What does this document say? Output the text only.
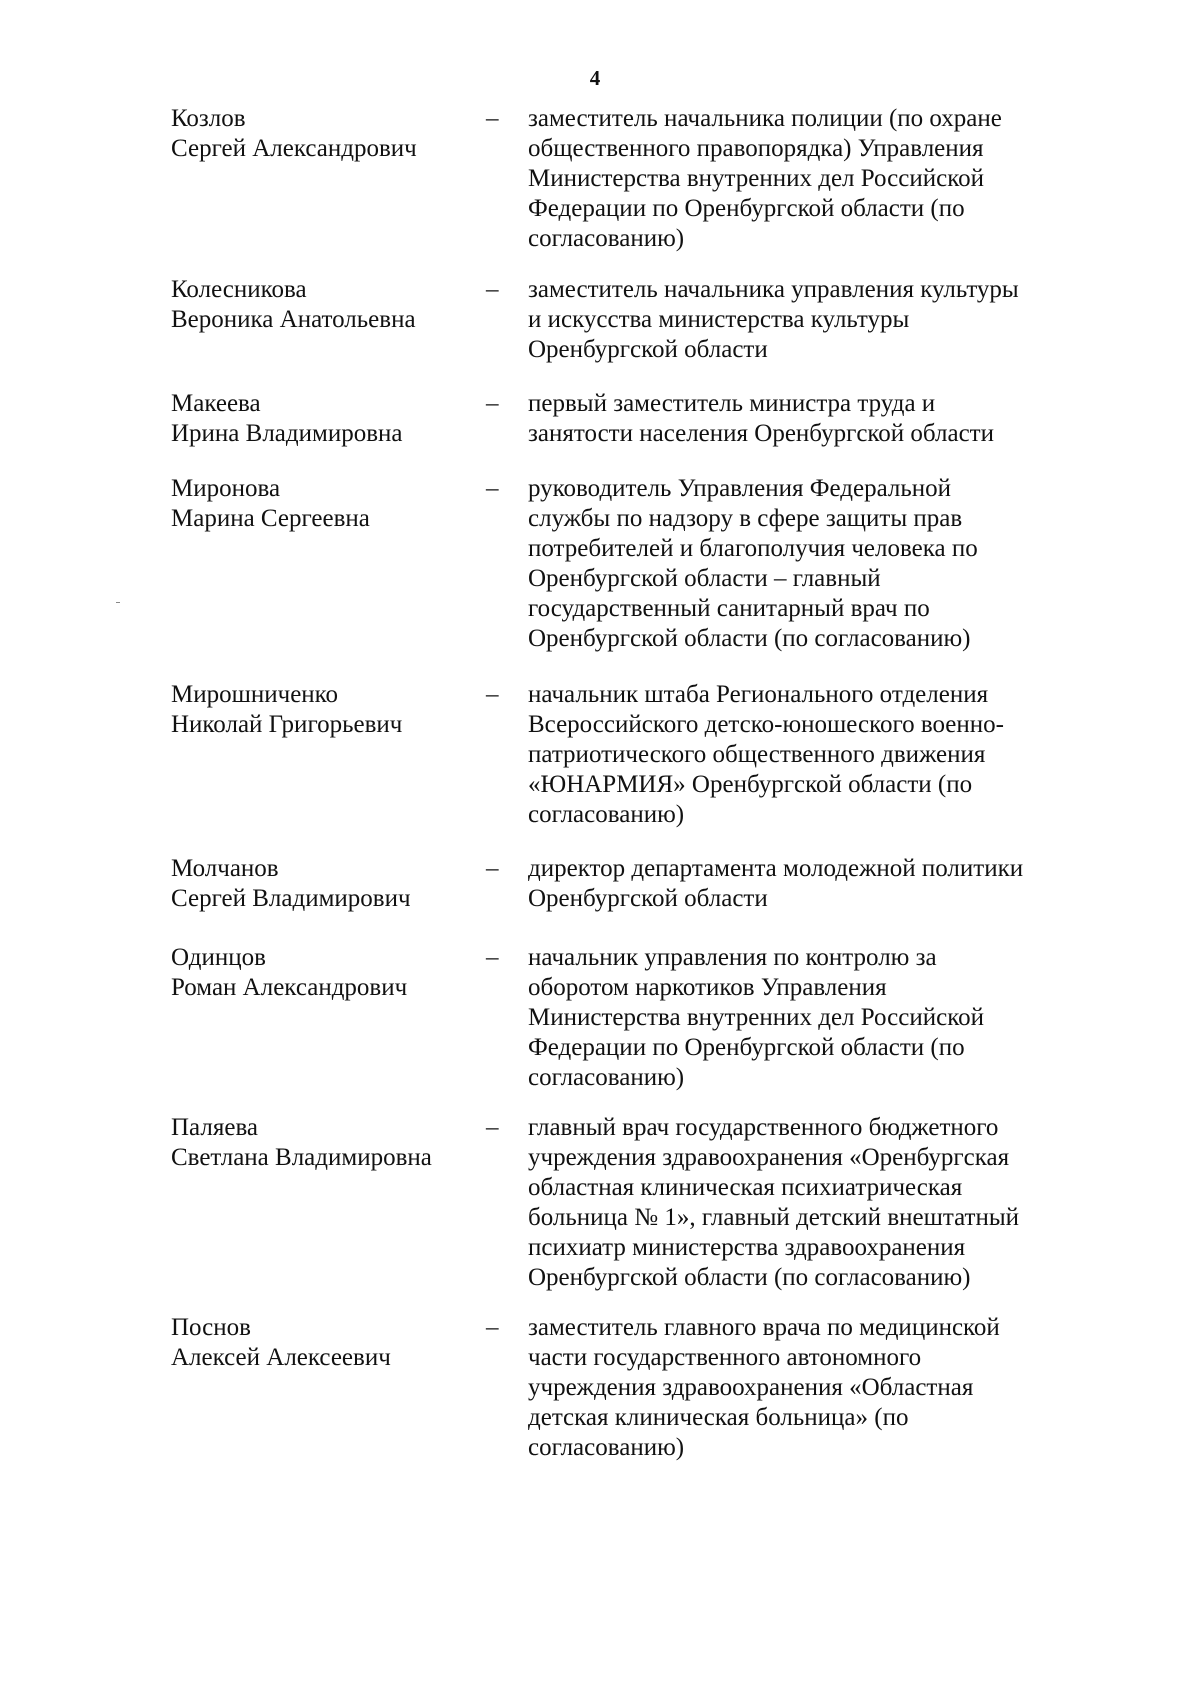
4
Козлов
Сергей Александрович
– заместитель начальника полиции (по охране
общественного правопорядка) Управления
Министерства внутренних дел Российской
Федерации по Оренбургской области (по
согласованию)
Колесникова
Вероника Анатольевна
– заместитель начальника управления культуры
и искусства министерства культуры
Оренбургской области
Макеева
Ирина Владимировна
– первый заместитель министра труда и
занятости населения Оренбургской области
Миронова
Марина Сергеевна
– руководитель Управления Федеральной
службы по надзору в сфере защиты прав
потребителей и благополучия человека по
Оренбургской области – главный
государственный санитарный врач по
Оренбургской области (по согласованию)
Мирошниченко
Николай Григорьевич
– начальник штаба Регионального отделения
Всероссийского детско-юношеского военно-
патриотического общественного движения
«ЮНАРМИЯ» Оренбургской области (по
согласованию)
Молчанов
Сергей Владимирович
– директор департамента молодежной политики
Оренбургской области
Одинцов
Роман Александрович
– начальник управления по контролю за
оборотом наркотиков Управления
Министерства внутренних дел Российской
Федерации по Оренбургской области (по
согласованию)
Паляева
Светлана Владимировна
– главный врач государственного бюджетного
учреждения здравоохранения «Оренбургская
областная клиническая психиатрическая
больница № 1», главный детский внештатный
психиатр министерства здравоохранения
Оренбургской области (по согласованию)
Поснов
Алексей Алексеевич
– заместитель главного врача по медицинской
части государственного автономного
учреждения здравоохранения «Областная
детская клиническая больница» (по
согласованию)
